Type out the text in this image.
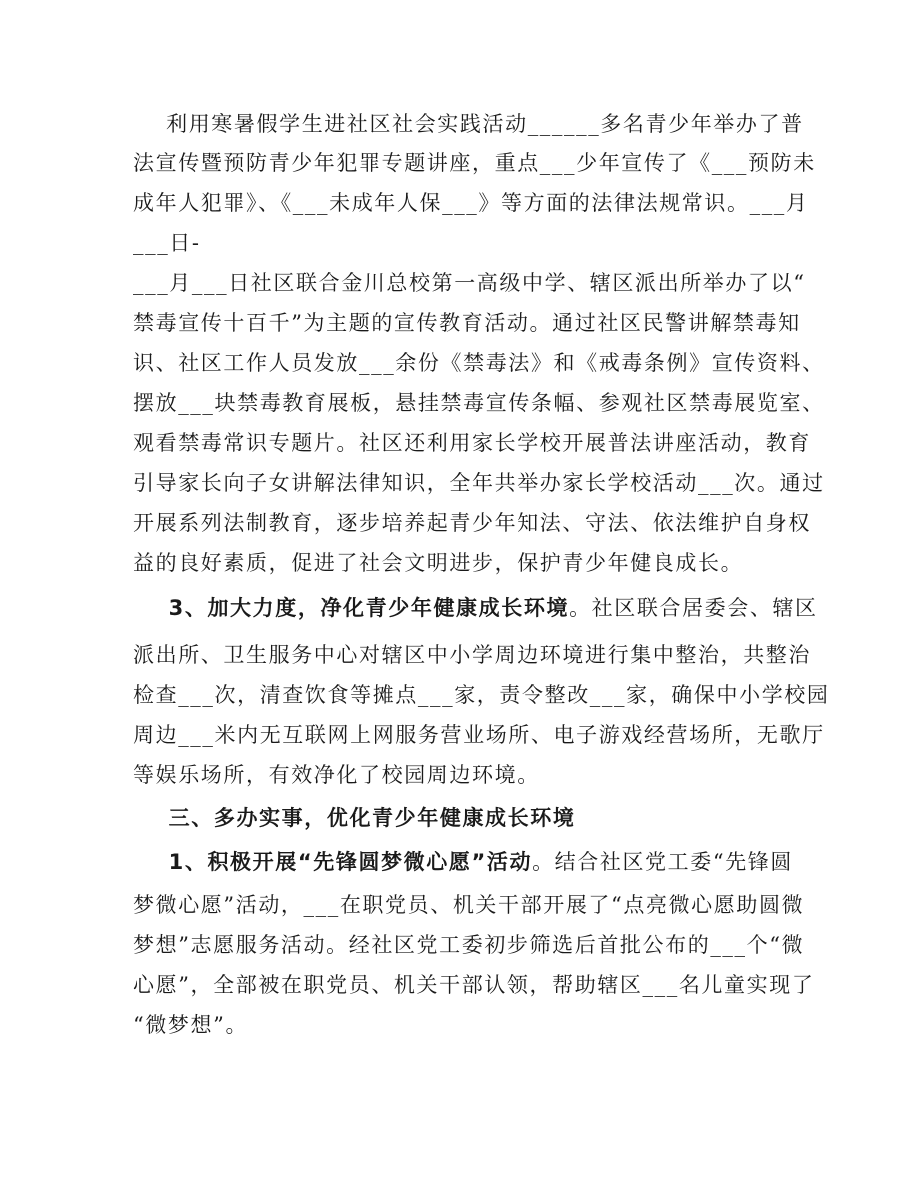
利用寒暑假学生进社区社会实践活动______多名青少年举办了普
法宣传暨预防青少年犯罪专题讲座，重点___少年宣传了《___预防未
成年人犯罪》、《___未成年人保___》等方面的法律法规常识。___月
___日-
___月___日社区联合金川总校第一高级中学、辖区派出所举办了以“
禁毒宣传十百千”为主题的宣传教育活动。通过社区民警讲解禁毒知
识、社区工作人员发放___余份《禁毒法》和《戒毒条例》宣传资料、
摆放___块禁毒教育展板，悬挂禁毒宣传条幅、参观社区禁毒展览室、
观看禁毒常识专题片。社区还利用家长学校开展普法讲座活动，教育
引导家长向子女讲解法律知识，全年共举办家长学校活动___次。通过
开展系列法制教育，逐步培养起青少年知法、守法、依法维护自身权
益的良好素质，促进了社会文明进步，保护青少年健良成长。
3、加大力度，净化青少年健康成长环境。社区联合居委会、辖区
派出所、卫生服务中心对辖区中小学周边环境进行集中整治，共整治
检查___次，清查饮食等摊点___家，责令整改___家，确保中小学校园
周边___米内无互联网上网服务营业场所、电子游戏经营场所，无歌厅
等娱乐场所，有效净化了校园周边环境。
三、多办实事，优化青少年健康成长环境
1、积极开展“先锋圆梦微心愿”活动。结合社区党工委“先锋圆
梦微心愿”活动，___在职党员、机关干部开展了“点亮微心愿助圆微
梦想”志愿服务活动。经社区党工委初步筛选后首批公布的___个“微
心愿”，全部被在职党员、机关干部认领，帮助辖区___名儿童实现了
“微梦想”。
